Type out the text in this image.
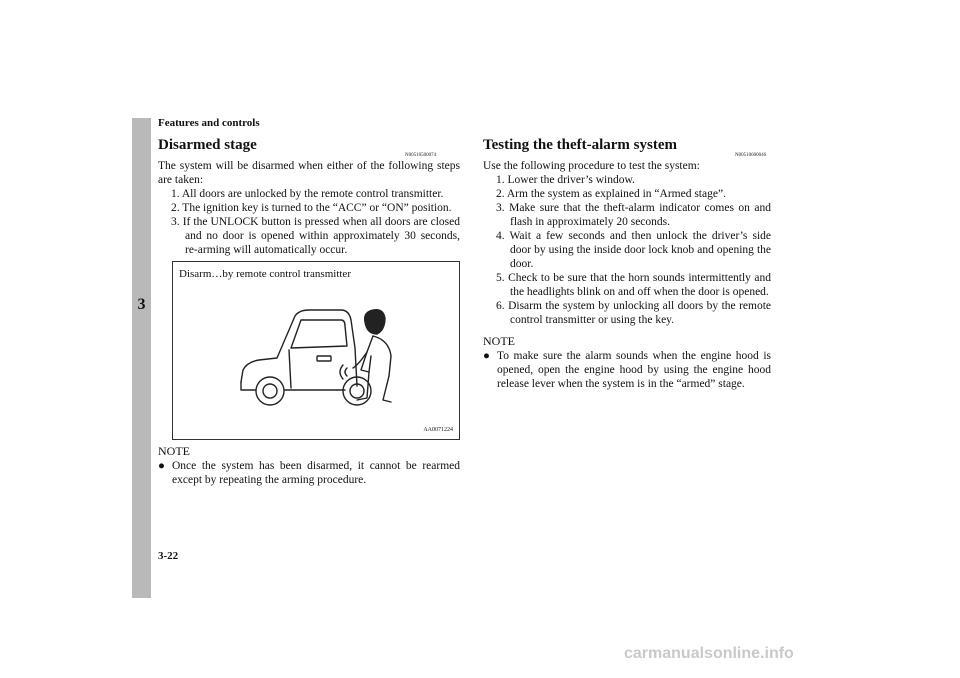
Features and controls
3
Disarmed stage
N00510500074
The system will be disarmed when either of the following steps are taken:
1. All doors are unlocked by the remote control transmitter.
2. The ignition key is turned to the “ACC” or “ON” position.
3. If the UNLOCK button is pressed when all doors are closed and no door is opened within approximately 30 seconds, re-arming will automatically occur.
Disarm…by remote control transmitter
AA0071224
NOTE
● Once the system has been disarmed, it cannot be rearmed except by repeating the arming procedure.
Testing the theft-alarm system
N00510600046
Use the following procedure to test the system:
1. Lower the driver’s window.
2. Arm the system as explained in “Armed stage”.
3. Make sure that the theft-alarm indicator comes on and flash in approximately 20 seconds.
4. Wait a few seconds and then unlock the driver’s side door by using the inside door lock knob and opening the door.
5. Check to be sure that the horn sounds intermittently and the headlights blink on and off when the door is opened.
6. Disarm the system by unlocking all doors by the remote control transmitter or using the key.
NOTE
● To make sure the alarm sounds when the engine hood is opened, open the engine hood by using the engine hood release lever when the system is in the “armed” stage.
3-22
carmanualsonline.info
